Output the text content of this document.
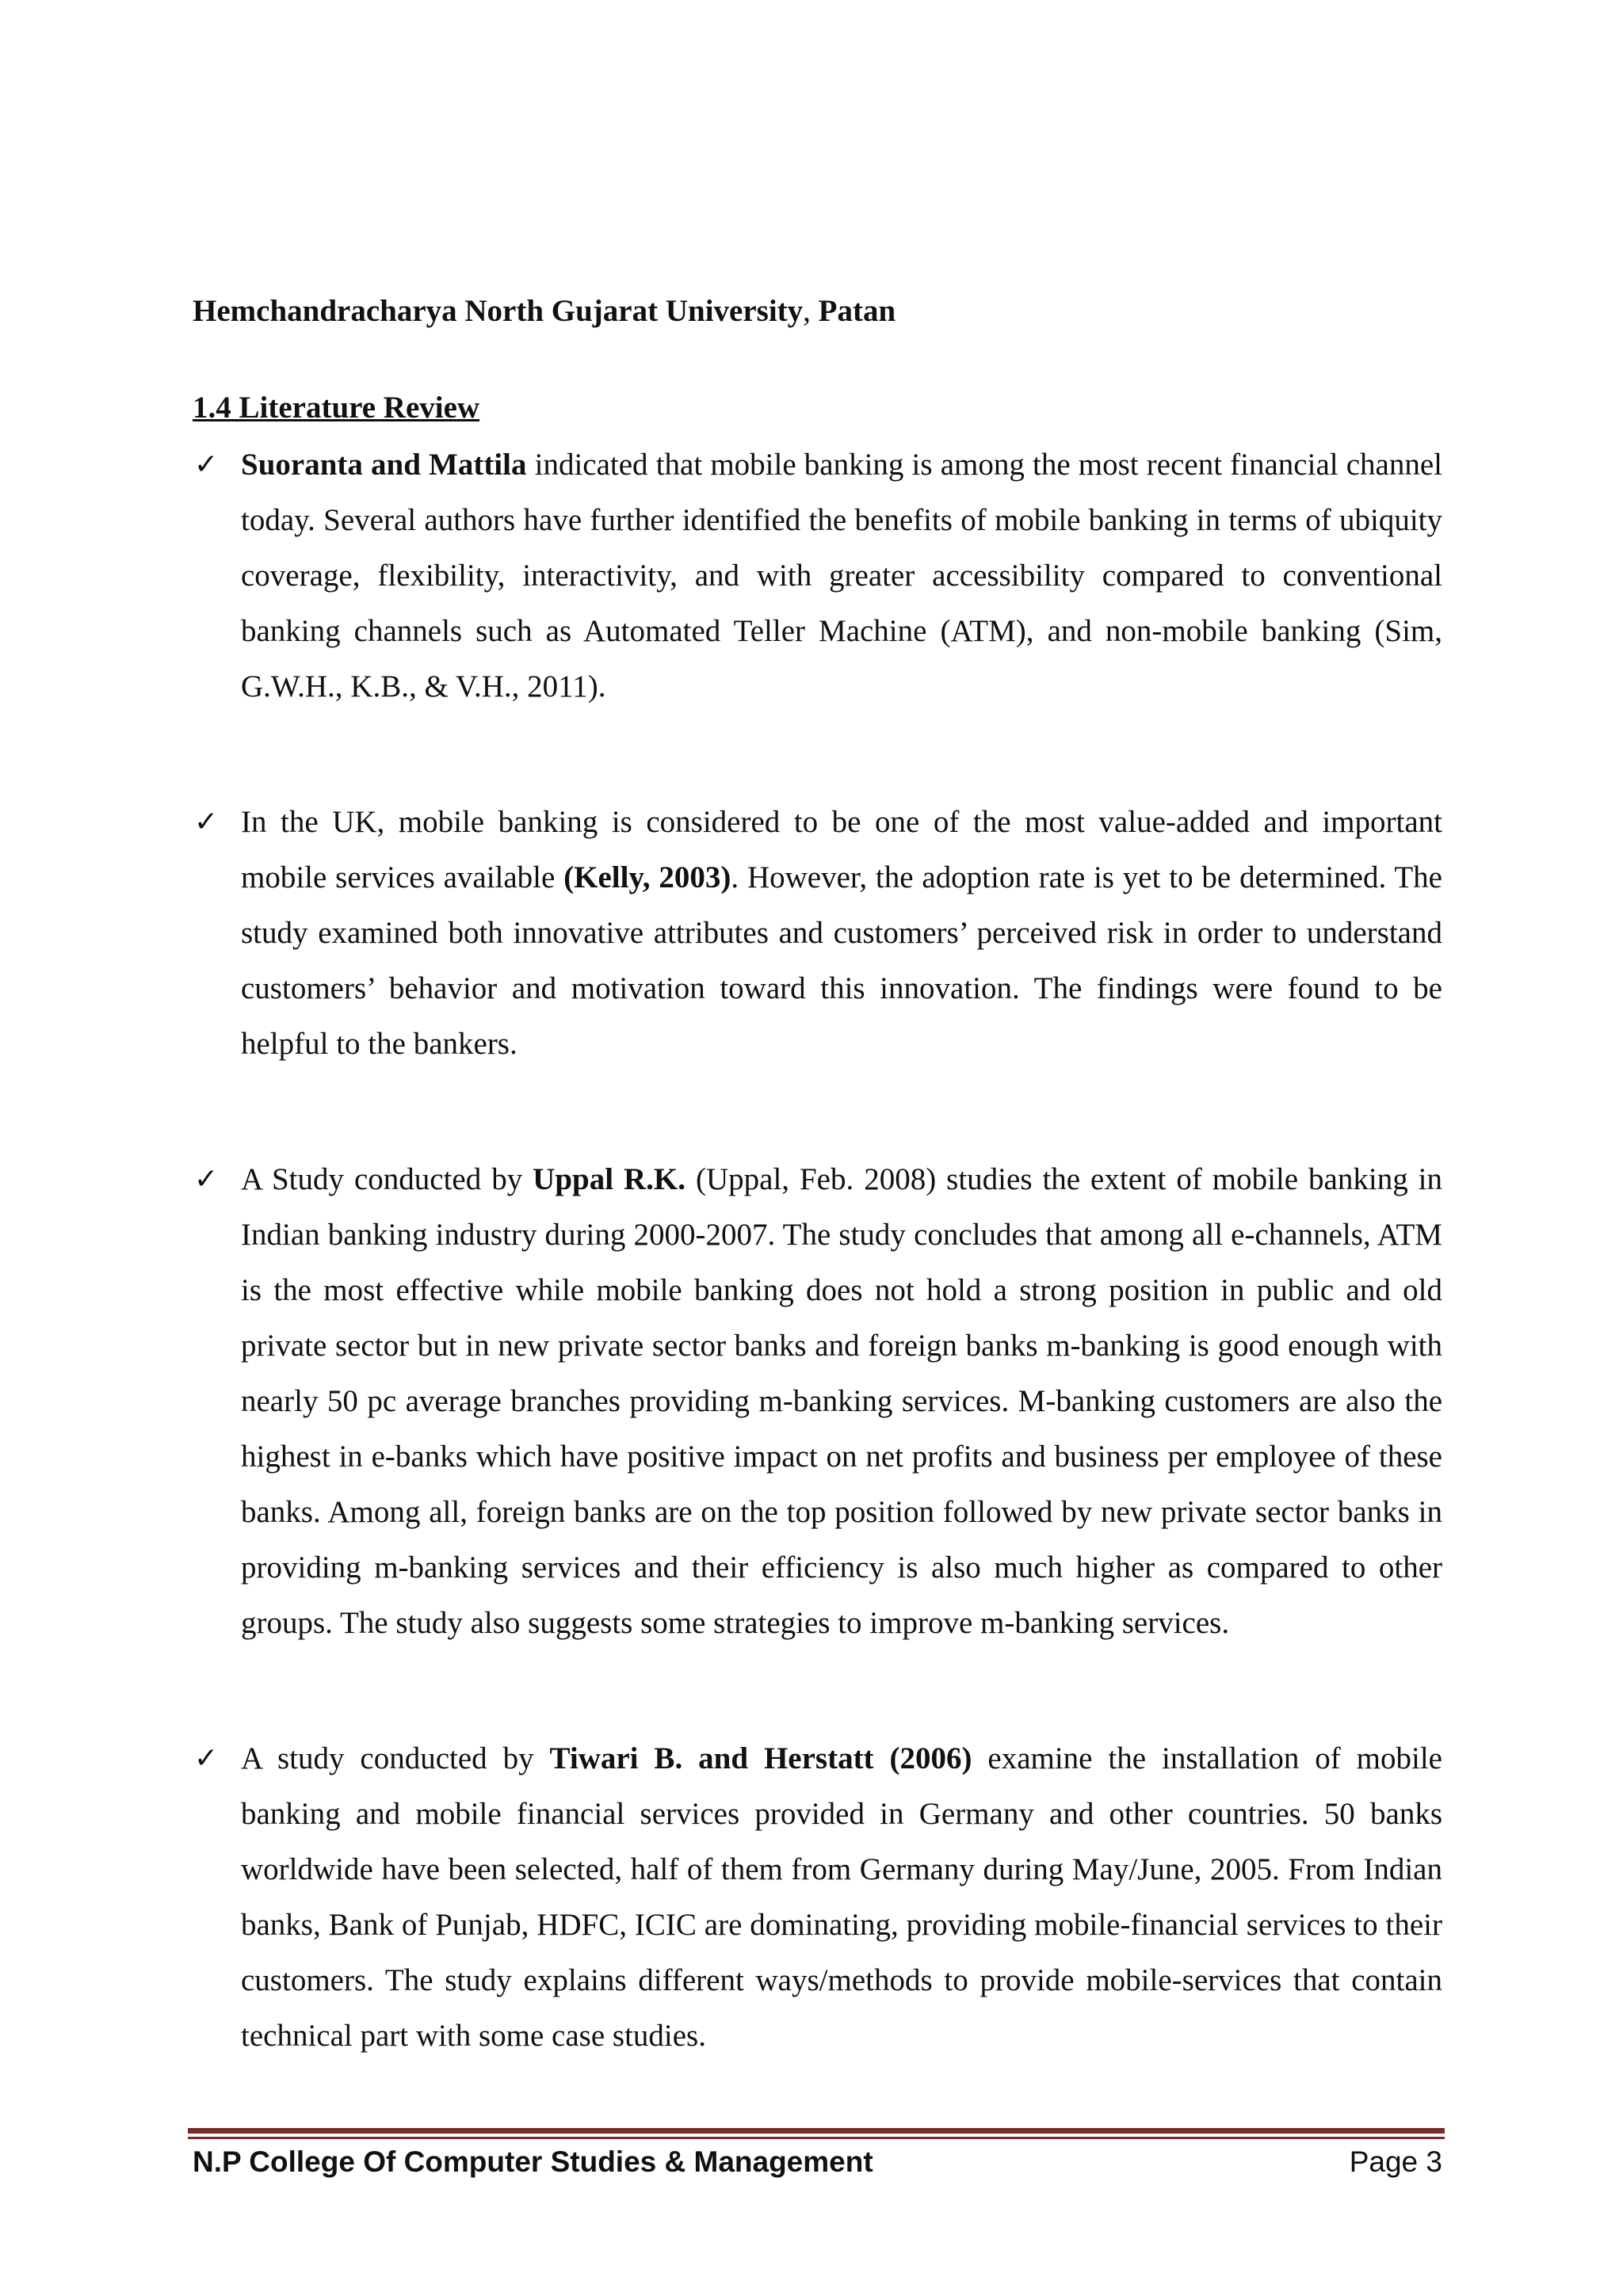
Hemchandracharya North Gujarat University, Patan
1.4 Literature Review
✓ Suoranta and Mattila indicated that mobile banking is among the most recent financial channel today. Several authors have further identified the benefits of mobile banking in terms of ubiquity coverage, flexibility, interactivity, and with greater accessibility compared to conventional banking channels such as Automated Teller Machine (ATM), and non-mobile banking (Sim, G.W.H., K.B., & V.H., 2011).
✓ In the UK, mobile banking is considered to be one of the most value-added and important mobile services available (Kelly, 2003). However, the adoption rate is yet to be determined. The study examined both innovative attributes and customers’ perceived risk in order to understand customers’ behavior and motivation toward this innovation. The findings were found to be helpful to the bankers.
✓ A Study conducted by Uppal R.K. (Uppal, Feb. 2008) studies the extent of mobile banking in Indian banking industry during 2000-2007. The study concludes that among all e-channels, ATM is the most effective while mobile banking does not hold a strong position in public and old private sector but in new private sector banks and foreign banks m-banking is good enough with nearly 50 pc average branches providing m-banking services. M-banking customers are also the highest in e-banks which have positive impact on net profits and business per employee of these banks. Among all, foreign banks are on the top position followed by new private sector banks in providing m-banking services and their efficiency is also much higher as compared to other groups. The study also suggests some strategies to improve m-banking services.
✓ A study conducted by Tiwari B. and Herstatt (2006) examine the installation of mobile banking and mobile financial services provided in Germany and other countries. 50 banks worldwide have been selected, half of them from Germany during May/June, 2005. From Indian banks, Bank of Punjab, HDFC, ICIC are dominating, providing mobile-financial services to their customers. The study explains different ways/methods to provide mobile-services that contain technical part with some case studies.
N.P College Of Computer Studies & Management	Page 3
